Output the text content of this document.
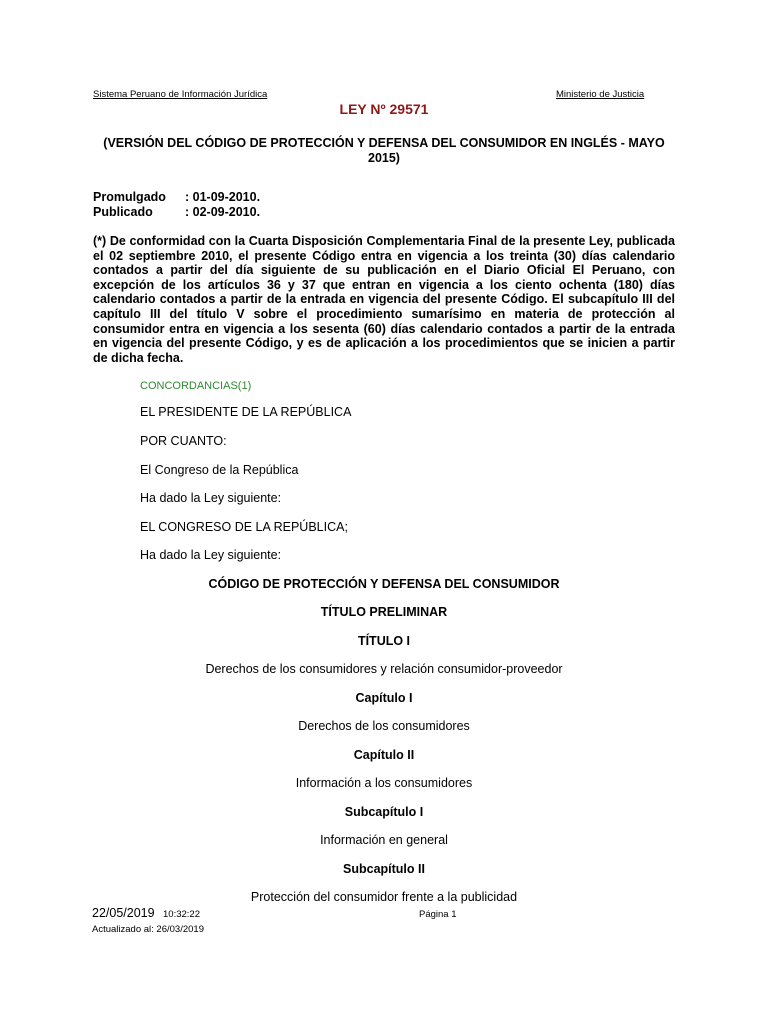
Sistema Peruano de Información Jurídica	Ministerio de Justicia
LEY Nº 29571
(VERSIÓN DEL CÓDIGO DE PROTECCIÓN Y DEFENSA DEL CONSUMIDOR EN INGLÉS - MAYO 2015)
Promulgado : 01-09-2010.
Publicado	: 02-09-2010.
(*) De conformidad con la Cuarta Disposición Complementaria Final de la presente Ley, publicada el 02 septiembre 2010, el presente Código entra en vigencia a los treinta (30) días calendario contados a partir del día siguiente de su publicación en el Diario Oficial El Peruano, con excepción de los artículos 36 y 37 que entran en vigencia a los ciento ochenta (180) días calendario contados a partir de la entrada en vigencia del presente Código. El subcapítulo III del capítulo III del título V sobre el procedimiento sumarísimo en materia de protección al consumidor entra en vigencia a los sesenta (60) días calendario contados a partir de la entrada en vigencia del presente Código, y es de aplicación a los procedimientos que se inicien a partir de dicha fecha.
CONCORDANCIAS(1)
EL PRESIDENTE DE LA REPÚBLICA
POR CUANTO:
El Congreso de la República
Ha dado la Ley siguiente:
EL CONGRESO DE LA REPÚBLICA;
Ha dado la Ley siguiente:
CÓDIGO DE PROTECCIÓN Y DEFENSA DEL CONSUMIDOR
TÍTULO PRELIMINAR
TÍTULO I
Derechos de los consumidores y relación consumidor-proveedor
Capítulo I
Derechos de los consumidores
Capítulo II
Información a los consumidores
Subcapítulo I
Información en general
Subcapítulo II
Protección del consumidor frente a la publicidad
22/05/2019 10:32:22	Página 1
Actualizado al: 26/03/2019
